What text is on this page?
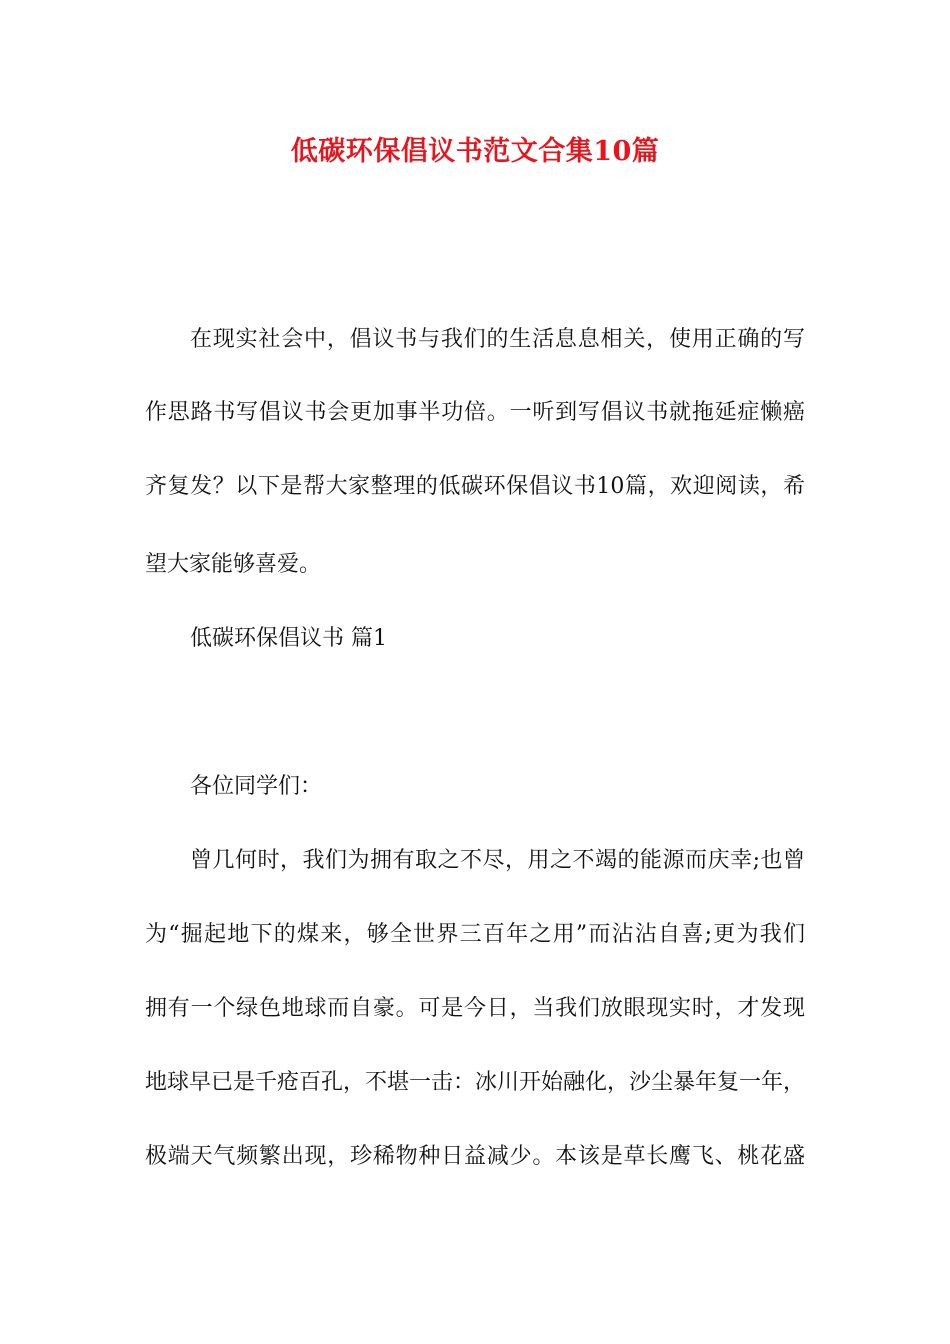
低碳环保倡议书范文合集10篇
在现实社会中，倡议书与我们的生活息息相关，使用正确的写
作思路书写倡议书会更加事半功倍。一听到写倡议书就拖延症懒癌
齐复发？以下是帮大家整理的低碳环保倡议书10篇，欢迎阅读，希
望大家能够喜爱。
低碳环保倡议书 篇1
各位同学们：
曾几何时，我们为拥有取之不尽，用之不竭的能源而庆幸;也曾
为“掘起地下的煤来，够全世界三百年之用”而沾沾自喜;更为我们
拥有一个绿色地球而自豪。可是今日，当我们放眼现实时，才发现
地球早已是千疮百孔，不堪一击：冰川开始融化，沙尘暴年复一年，
极端天气频繁出现，珍稀物种日益减少。本该是草长鹰飞、桃花盛
